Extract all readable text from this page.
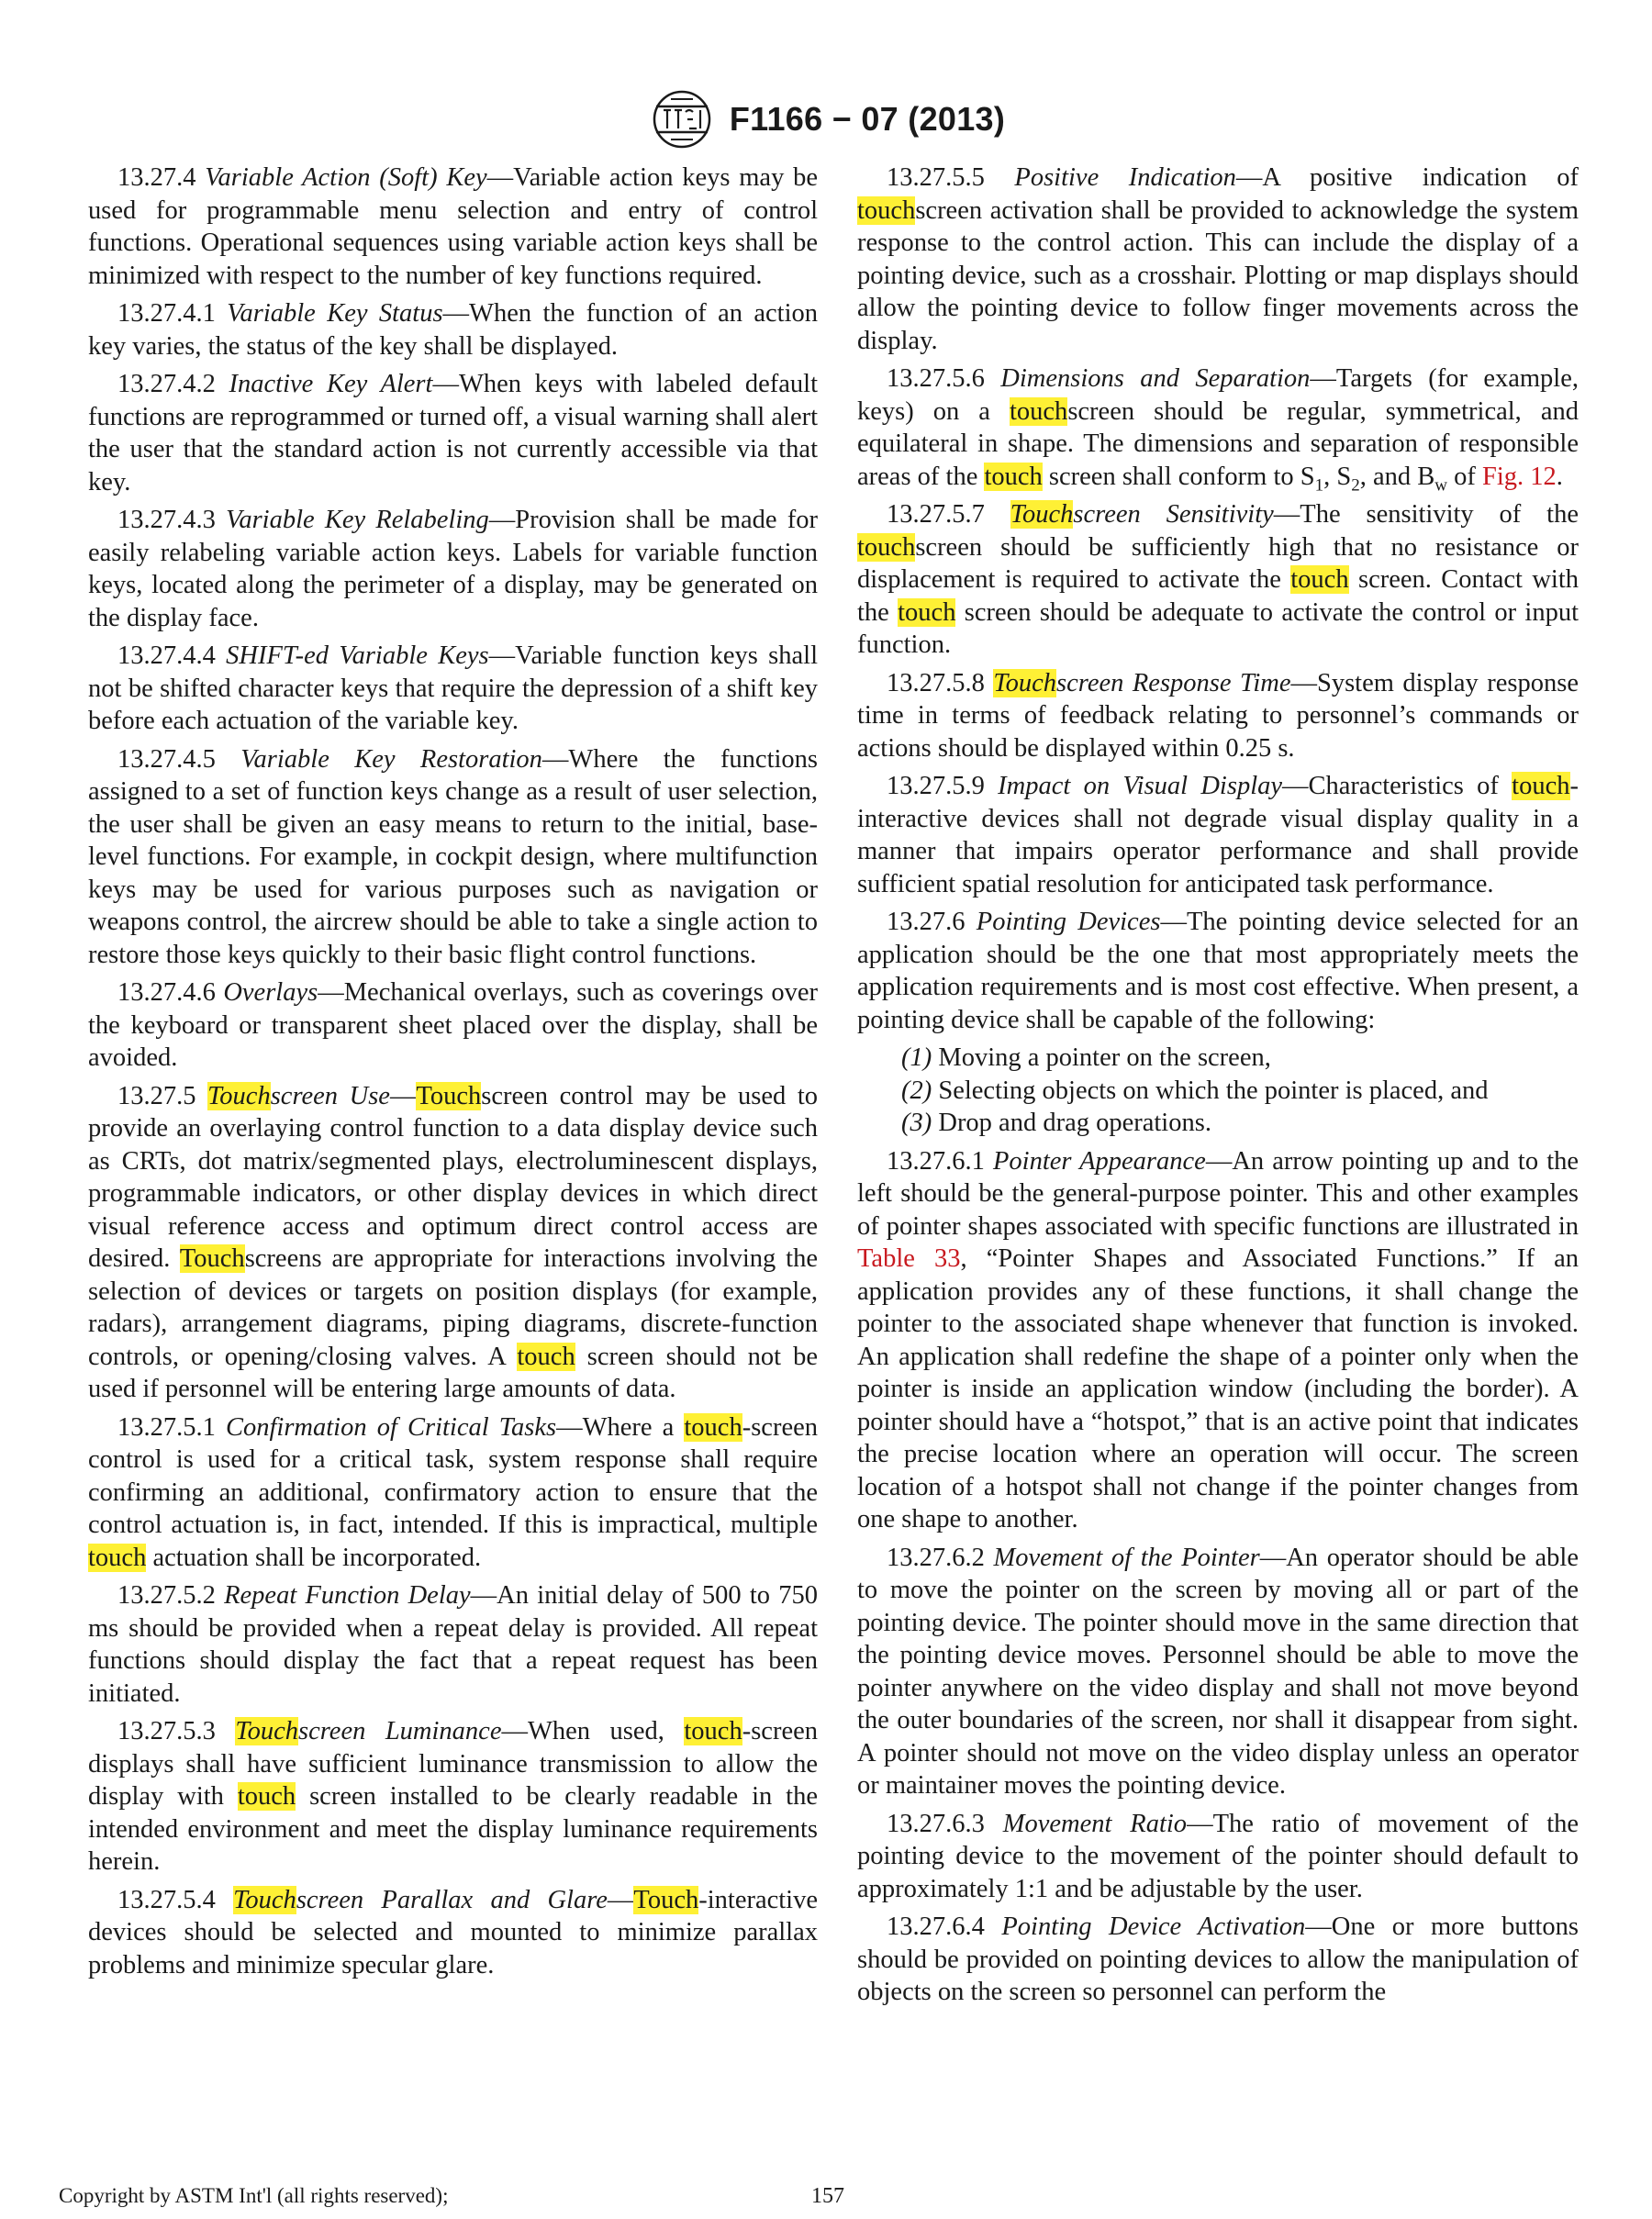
F1166 − 07 (2013)

13.27.4 Variable Action (Soft) Key—Variable action keys may be used for programmable menu selection and entry of control functions. Operational sequences using variable action keys shall be minimized with respect to the number of key functions required.

13.27.4.1 Variable Key Status—When the function of an action key varies, the status of the key shall be displayed.

13.27.4.2 Inactive Key Alert—When keys with labeled default functions are reprogrammed or turned off, a visual warning shall alert the user that the standard action is not currently accessible via that key.

13.27.4.3 Variable Key Relabeling—Provision shall be made for easily relabeling variable action keys. Labels for variable function keys, located along the perimeter of a display, may be generated on the display face.

13.27.4.4 SHIFT-ed Variable Keys—Variable function keys shall not be shifted character keys that require the depression of a shift key before each actuation of the variable key.

13.27.4.5 Variable Key Restoration—Where the functions assigned to a set of function keys change as a result of user selection, the user shall be given an easy means to return to the initial, base-level functions. For example, in cockpit design, where multifunction keys may be used for various purposes such as navigation or weapons control, the aircrew should be able to take a single action to restore those keys quickly to their basic flight control functions.

13.27.4.6 Overlays—Mechanical overlays, such as coverings over the keyboard or transparent sheet placed over the display, shall be avoided.

13.27.5 Touchscreen Use—Touchscreen control may be used to provide an overlaying control function to a data display device such as CRTs, dot matrix/segmented plays, electroluminescent displays, programmable indicators, or other display devices in which direct visual reference access and optimum direct control access are desired. Touchscreens are appropriate for interactions involving the selection of devices or targets on position displays (for example, radars), arrangement diagrams, piping diagrams, discrete-function controls, or opening/closing valves. A touch screen should not be used if personnel will be entering large amounts of data.

13.27.5.1 Confirmation of Critical Tasks—Where a touch-screen control is used for a critical task, system response shall require confirming an additional, confirmatory action to ensure that the control actuation is, in fact, intended. If this is impractical, multiple touch actuation shall be incorporated.

13.27.5.2 Repeat Function Delay—An initial delay of 500 to 750 ms should be provided when a repeat delay is provided. All repeat functions should display the fact that a repeat request has been initiated.

13.27.5.3 Touchscreen Luminance—When used, touch-screen displays shall have sufficient luminance transmission to allow the display with touch screen installed to be clearly readable in the intended environment and meet the display luminance requirements herein.

13.27.5.4 Touchscreen Parallax and Glare—Touch-interactive devices should be selected and mounted to minimize parallax problems and minimize specular glare.

13.27.5.5 Positive Indication—A positive indication of touchscreen activation shall be provided to acknowledge the system response to the control action. This can include the display of a pointing device, such as a crosshair. Plotting or map displays should allow the pointing device to follow finger movements across the display.

13.27.5.6 Dimensions and Separation—Targets (for example, keys) on a touchscreen should be regular, symmetrical, and equilateral in shape. The dimensions and separation of responsible areas of the touch screen shall conform to $S_1$, $S_2$, and $B_w$ of Fig. 12.

13.27.5.7 Touchscreen Sensitivity—The sensitivity of the touchscreen should be sufficiently high that no resistance or displacement is required to activate the touch screen. Contact with the touch screen should be adequate to activate the control or input function.

13.27.5.8 Touchscreen Response Time—System display response time in terms of feedback relating to personnel’s commands or actions should be displayed within 0.25 s.

13.27.5.9 Impact on Visual Display—Characteristics of touch-interactive devices shall not degrade visual display quality in a manner that impairs operator performance and shall provide sufficient spatial resolution for anticipated task performance.

13.27.6 Pointing Devices—The pointing device selected for an application should be the one that most appropriately meets the application requirements and is most cost effective. When present, a pointing device shall be capable of the following:

(1) Moving a pointer on the screen,

(2) Selecting objects on which the pointer is placed, and

(3) Drop and drag operations.

13.27.6.1 Pointer Appearance—An arrow pointing up and to the left should be the general-purpose pointer. This and other examples of pointer shapes associated with specific functions are illustrated in Table 33, “Pointer Shapes and Associated Functions.” If an application provides any of these functions, it shall change the pointer to the associated shape whenever that function is invoked. An application shall redefine the shape of a pointer only when the pointer is inside an application window (including the border). A pointer should have a “hotspot,” that is an active point that indicates the precise location where an operation will occur. The screen location of a hotspot shall not change if the pointer changes from one shape to another.

13.27.6.2 Movement of the Pointer—An operator should be able to move the pointer on the screen by moving all or part of the pointing device. The pointer should move in the same direction that the pointing device moves. Personnel should be able to move the pointer anywhere on the video display and shall not move beyond the outer boundaries of the screen, nor shall it disappear from sight. A pointer should not move on the video display unless an operator or maintainer moves the pointing device.

13.27.6.3 Movement Ratio—The ratio of movement of the pointing device to the movement of the pointer should default to approximately 1:1 and be adjustable by the user.

13.27.6.4 Pointing Device Activation—One or more buttons should be provided on pointing devices to allow the manipulation of objects on the screen so personnel can perform the

Copyright by ASTM Int'l (all rights reserved);	157
